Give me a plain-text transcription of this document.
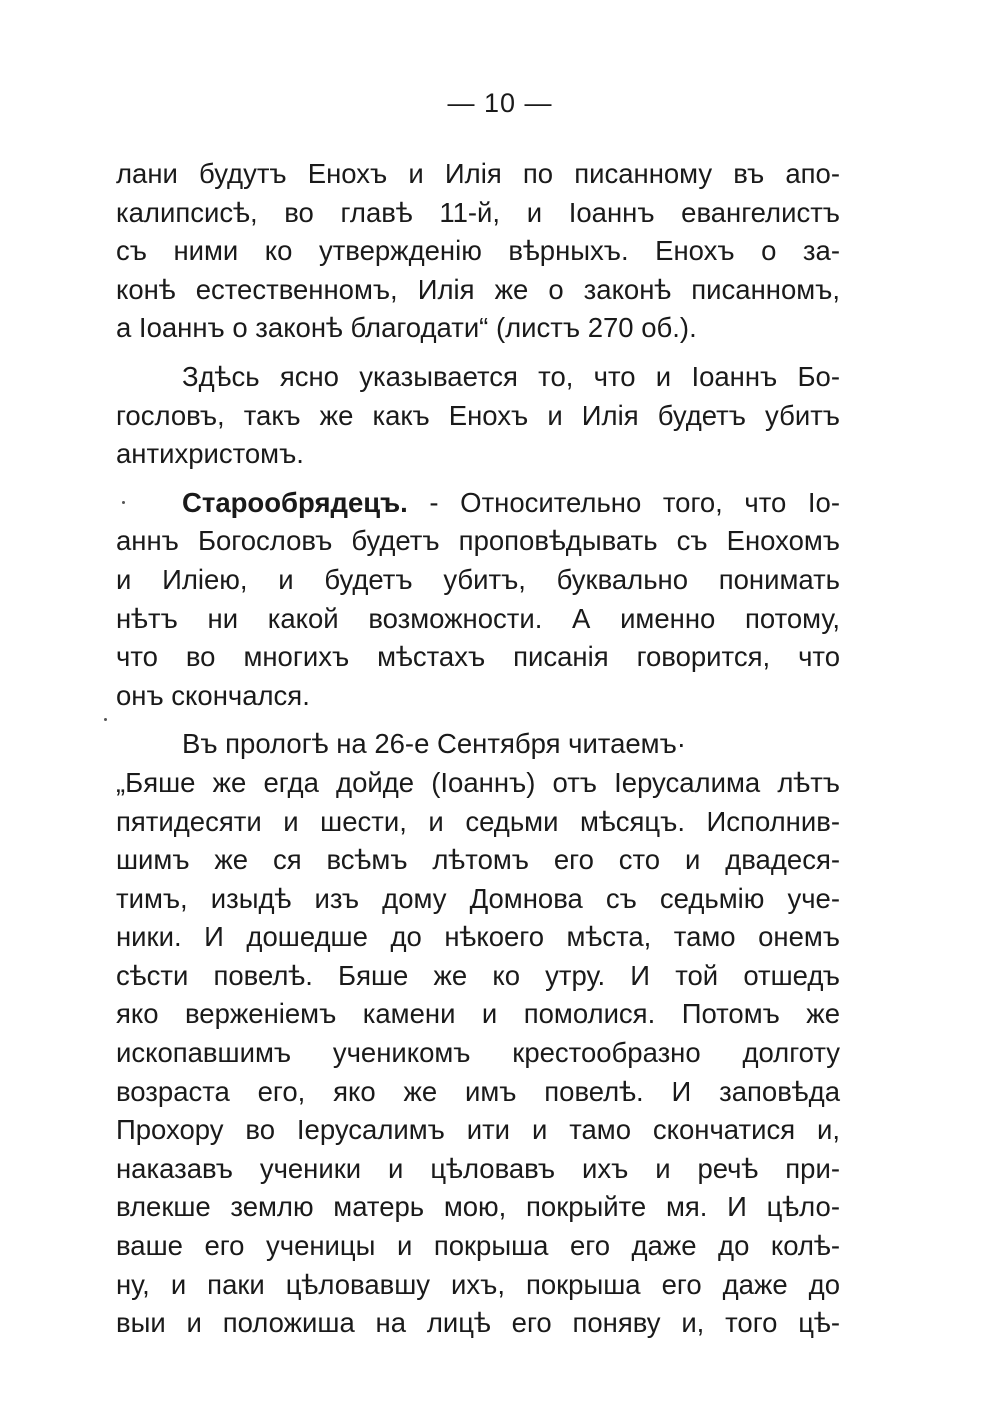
— 10 —
лани будутъ Енохъ и Илія по писанному въ апо-
калипсисѣ, во главѣ 11-й, и Іоаннъ евангелистъ
съ ними ко утвержденію вѣрныхъ. Енохъ о за-
конѣ естественномъ, Илія же о законѣ писанномъ,
а Іоаннъ о законѣ благодати“ (листъ 270 об.).
Здѣсь ясно указывается то, что и Іоаннъ Бо-
гословъ, такъ же какъ Енохъ и Илія будетъ убитъ
антихристомъ.
Старообрядецъ. - Относительно того, что Іо-
аннъ Богословъ будетъ проповѣдывать съ Енохомъ
и Иліею, и будетъ убитъ, буквально понимать
нѣтъ ни какой возможности. А именно потому,
что во многихъ мѣстахъ писанія говорится, что
онъ скончался.
Въ прологѣ на 26-е Сентября читаемъ·
„Бяше же егда дойде (Іоаннъ) отъ Іерусалима лѣтъ
пятидесяти и шести, и седьми мѣсяцъ. Исполнив-
шимъ же ся всѣмъ лѣтомъ его сто и двадеся-
тимъ, изыдѣ изъ дому Домнова съ седьмію уче-
ники. И дошедше до нѣкоего мѣста, тамо онемъ
сѣсти повелѣ. Бяше же ко утру. И той отшедъ
яко верженіемъ камени и помолися. Потомъ же
ископавшимъ ученикомъ крестообразно долготу
возраста его, яко же имъ повелѣ. И заповѣда
Прохору во Іерусалимъ ити и тамо скончатися и,
наказавъ ученики и цѣловавъ ихъ и речѣ при-
влекше землю матерь мою, покрыйте мя. И цѣло-
ваше его ученицы и покрыша его даже до колѣ-
ну, и паки цѣловавшу ихъ, покрыша его даже до
выи и положиша на лицѣ его поняву и, того цѣ-
